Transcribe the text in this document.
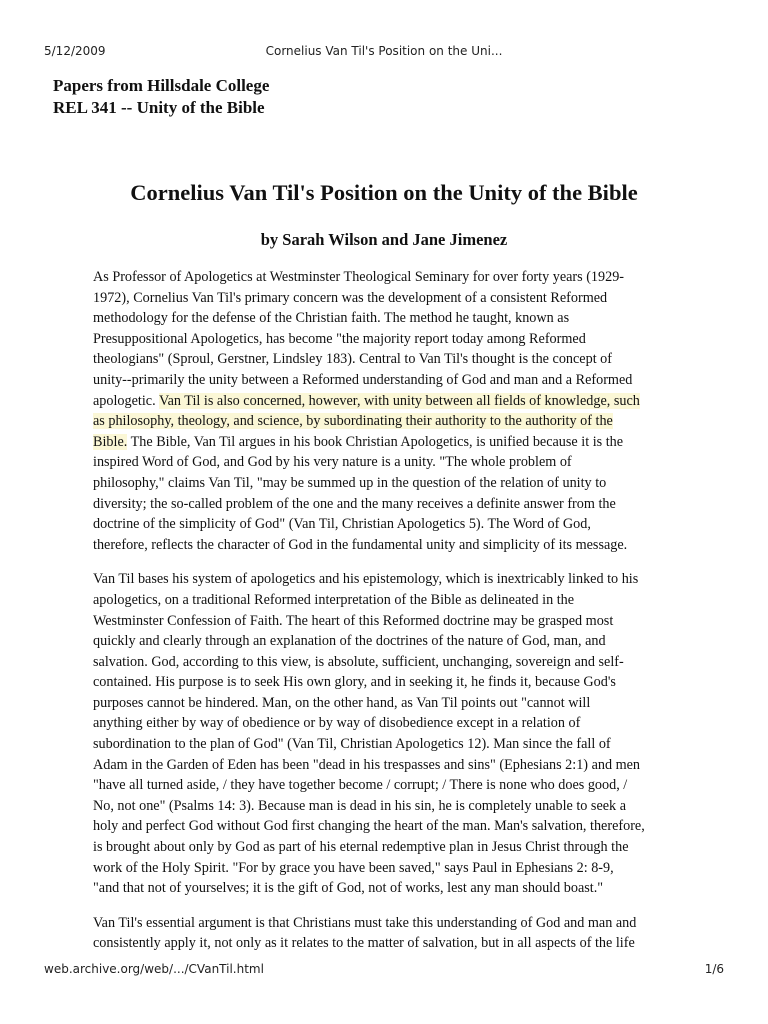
5/12/2009	Cornelius Van Til's Position on the Uni...
Papers from Hillsdale College
REL 341 -- Unity of the Bible
Cornelius Van Til's Position on the Unity of the Bible
by Sarah Wilson and Jane Jimenez

As Professor of Apologetics at Westminster Theological Seminary for over forty years (1929-
1972), Cornelius Van Til's primary concern was the development of a consistent Reformed
methodology for the defense of the Christian faith. The method he taught, known as
Presuppositional Apologetics, has become "the majority report today among Reformed
theologians" (Sproul, Gerstner, Lindsley 183). Central to Van Til's thought is the concept of
unity--primarily the unity between a Reformed understanding of God and man and a Reformed
apologetic. Van Til is also concerned, however, with unity between all fields of knowledge, such
as philosophy, theology, and science, by subordinating their authority to the authority of the
Bible. The Bible, Van Til argues in his book Christian Apologetics, is unified because it is the
inspired Word of God, and God by his very nature is a unity. "The whole problem of
philosophy," claims Van Til, "may be summed up in the question of the relation of unity to
diversity; the so-called problem of the one and the many receives a definite answer from the
doctrine of the simplicity of God" (Van Til, Christian Apologetics 5). The Word of God,
therefore, reflects the character of God in the fundamental unity and simplicity of its message.

Van Til bases his system of apologetics and his epistemology, which is inextricably linked to his
apologetics, on a traditional Reformed interpretation of the Bible as delineated in the
Westminster Confession of Faith. The heart of this Reformed doctrine may be grasped most
quickly and clearly through an explanation of the doctrines of the nature of God, man, and
salvation. God, according to this view, is absolute, sufficient, unchanging, sovereign and self-
contained. His purpose is to seek His own glory, and in seeking it, he finds it, because God's
purposes cannot be hindered. Man, on the other hand, as Van Til points out "cannot will
anything either by way of obedience or by way of disobedience except in a relation of
subordination to the plan of God" (Van Til, Christian Apologetics 12). Man since the fall of
Adam in the Garden of Eden has been "dead in his trespasses and sins" (Ephesians 2:1) and men
"have all turned aside, / they have together become / corrupt; / There is none who does good, /
No, not one" (Psalms 14: 3). Because man is dead in his sin, he is completely unable to seek a
holy and perfect God without God first changing the heart of the man. Man's salvation, therefore,
is brought about only by God as part of his eternal redemptive plan in Jesus Christ through the
work of the Holy Spirit. "For by grace you have been saved," says Paul in Ephesians 2: 8-9,
"and that not of yourselves; it is the gift of God, not of works, lest any man should boast."

Van Til's essential argument is that Christians must take this understanding of God and man and
consistently apply it, not only as it relates to the matter of salvation, but in all aspects of the life

web.archive.org/web/.../CVanTil.html	1/6
